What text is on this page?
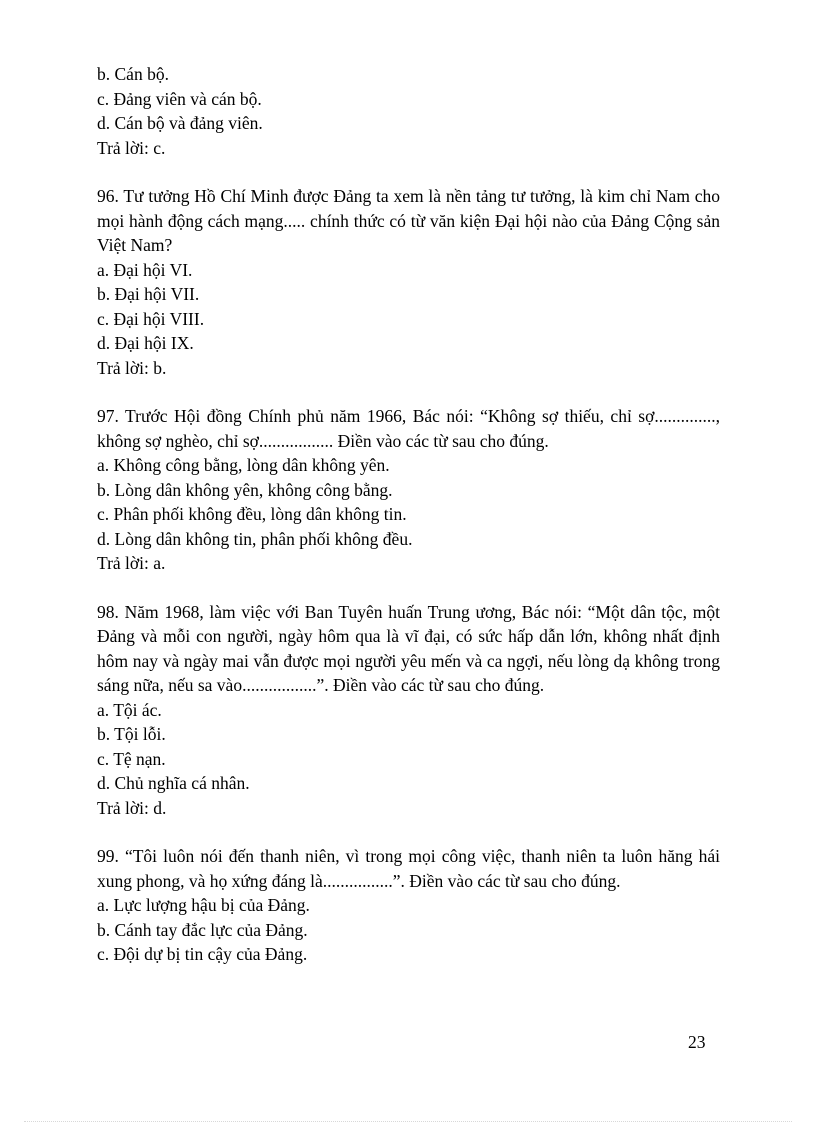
b. Cán bộ.

c. Đảng viên và cán bộ.

d. Cán bộ và đảng viên.

Trả lời: c.

96. Tư tưởng Hồ Chí Minh được Đảng ta xem là nền tảng tư tưởng, là kim chỉ Nam cho mọi hành động cách mạng..... chính thức có từ văn kiện Đại hội nào của Đảng Cộng sản Việt Nam?

a. Đại hội VI.

b. Đại hội VII.

c. Đại hội VIII.

d. Đại hội IX.

Trả lời: b.

97. Trước Hội đồng Chính phủ năm 1966, Bác nói: “Không sợ thiếu, chỉ sợ.............., không sợ nghèo, chỉ sợ................. Điền vào các từ sau cho đúng.

a. Không công bằng, lòng dân không yên.

b. Lòng dân không yên, không công bằng.

c. Phân phối không đều, lòng dân không tin.

d. Lòng dân không tin, phân phối không đều.

Trả lời: a.

98. Năm 1968, làm việc với Ban Tuyên huấn Trung ương, Bác nói: “Một dân tộc, một Đảng và mỗi con người, ngày hôm qua là vĩ đại, có sức hấp dẫn lớn, không nhất định hôm nay và ngày mai vẫn được mọi người yêu mến và ca ngợi, nếu lòng dạ không trong sáng nữa, nếu sa vào.................”. Điền vào các từ sau cho đúng.

a. Tội ác.

b. Tội lỗi.

c. Tệ nạn.

d. Chủ nghĩa cá nhân.

Trả lời: d.

99. “Tôi luôn nói đến thanh niên, vì trong mọi công việc, thanh niên ta luôn hăng hái xung phong, và họ xứng đáng là................”. Điền vào các từ sau cho đúng.

a. Lực lượng hậu bị của Đảng.

b. Cánh tay đắc lực của Đảng.

c. Đội dự bị tin cậy của Đảng.

23
